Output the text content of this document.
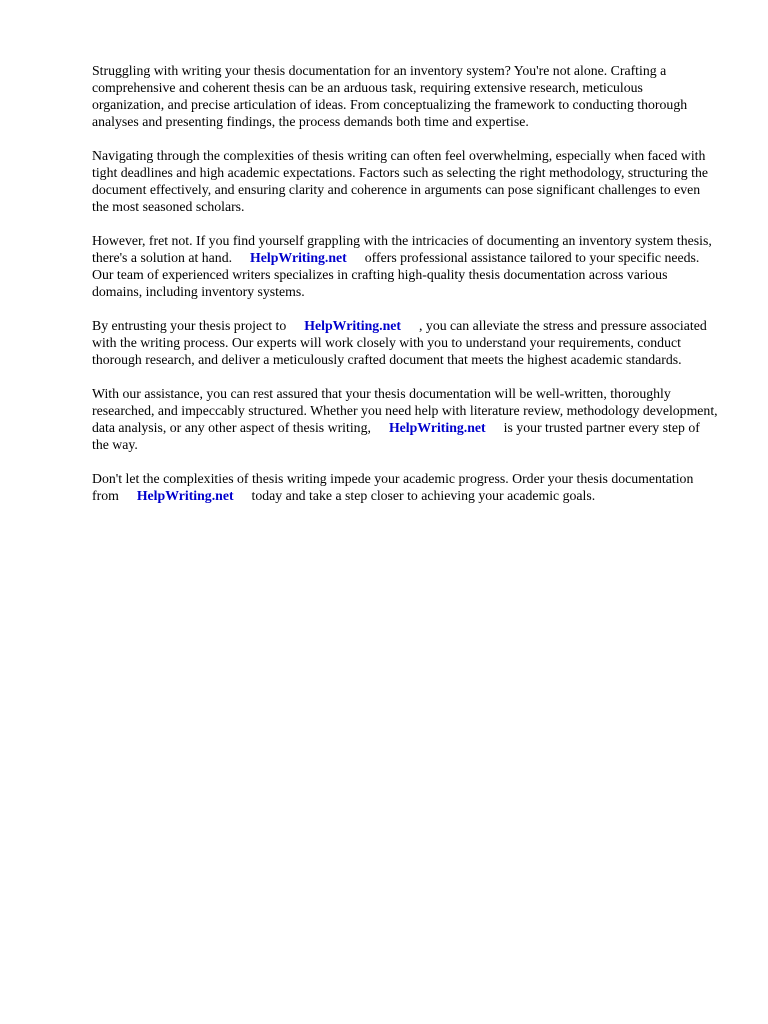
Struggling with writing your thesis documentation for an inventory system? You're not alone. Crafting a comprehensive and coherent thesis can be an arduous task, requiring extensive research, meticulous organization, and precise articulation of ideas. From conceptualizing the framework to conducting thorough analyses and presenting findings, the process demands both time and expertise.

Navigating through the complexities of thesis writing can often feel overwhelming, especially when faced with tight deadlines and high academic expectations. Factors such as selecting the right methodology, structuring the document effectively, and ensuring clarity and coherence in arguments can pose significant challenges to even the most seasoned scholars.

However, fret not. If you find yourself grappling with the intricacies of documenting an inventory system thesis, there's a solution at hand. HelpWriting.net offers professional assistance tailored to your specific needs. Our team of experienced writers specializes in crafting high-quality thesis documentation across various domains, including inventory systems.

By entrusting your thesis project to HelpWriting.net , you can alleviate the stress and pressure associated with the writing process. Our experts will work closely with you to understand your requirements, conduct thorough research, and deliver a meticulously crafted document that meets the highest academic standards.

With our assistance, you can rest assured that your thesis documentation will be well-written, thoroughly researched, and impeccably structured. Whether you need help with literature review, methodology development, data analysis, or any other aspect of thesis writing, HelpWriting.net is your trusted partner every step of the way.

Don't let the complexities of thesis writing impede your academic progress. Order your thesis documentation from HelpWriting.net today and take a step closer to achieving your academic goals.
